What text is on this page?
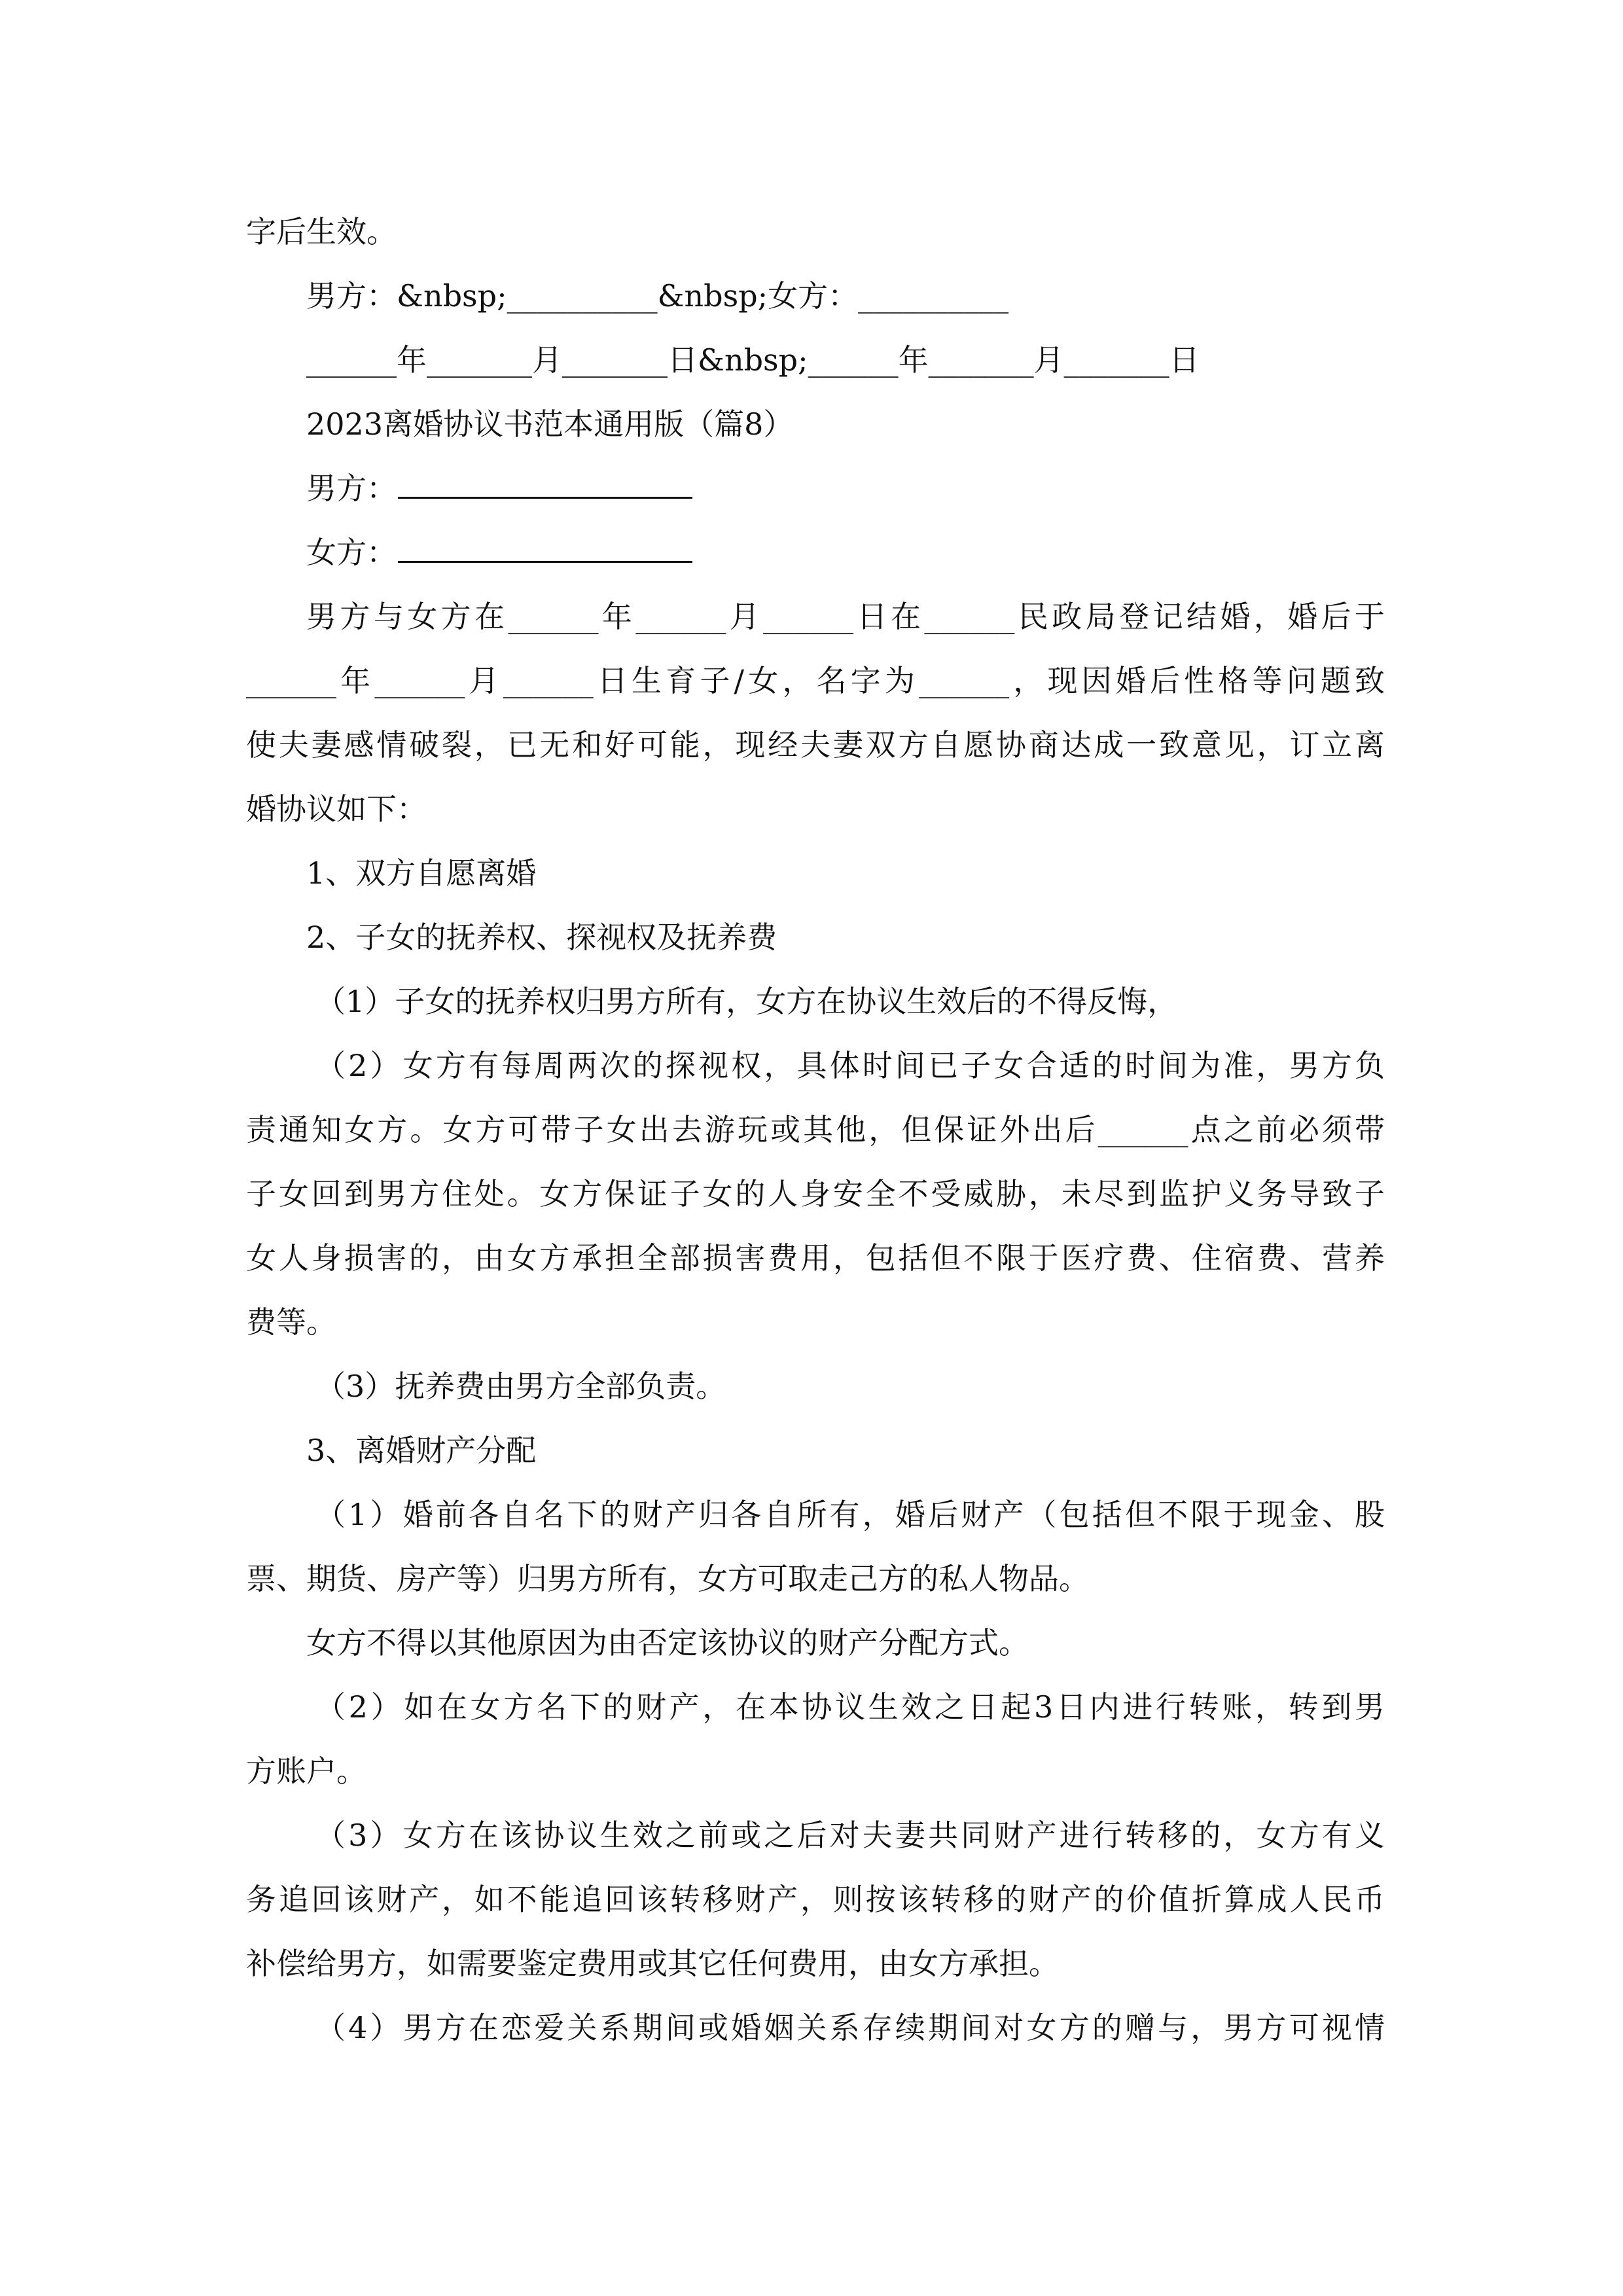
字后生效。

男方：&nbsp;__________&nbsp;女方：__________

______年_______月_______日&nbsp;______年_______月_______日

2023离婚协议书范本通用版（篇8）

男方：

女方：

男方与女方在______年______月______日在______民政局登记结婚，婚后于

______年______月______日生育子/女，名字为______，现因婚后性格等问题致

使夫妻感情破裂，已无和好可能，现经夫妻双方自愿协商达成一致意见，订立离

婚协议如下：

1、双方自愿离婚

2、子女的抚养权、探视权及抚养费

（1）子女的抚养权归男方所有，女方在协议生效后的不得反悔，

（2）女方有每周两次的探视权，具体时间已子女合适的时间为准，男方负

责通知女方。女方可带子女出去游玩或其他，但保证外出后______点之前必须带

子女回到男方住处。女方保证子女的人身安全不受威胁，未尽到监护义务导致子

女人身损害的，由女方承担全部损害费用，包括但不限于医疗费、住宿费、营养

费等。

（3）抚养费由男方全部负责。

3、离婚财产分配

（1）婚前各自名下的财产归各自所有，婚后财产（包括但不限于现金、股

票、期货、房产等）归男方所有，女方可取走己方的私人物品。

女方不得以其他原因为由否定该协议的财产分配方式。

（2）如在女方名下的财产，在本协议生效之日起3日内进行转账，转到男

方账户。

（3）女方在该协议生效之前或之后对夫妻共同财产进行转移的，女方有义

务追回该财产，如不能追回该转移财产，则按该转移的财产的价值折算成人民币

补偿给男方，如需要鉴定费用或其它任何费用，由女方承担。

（4）男方在恋爱关系期间或婚姻关系存续期间对女方的赠与，男方可视情
